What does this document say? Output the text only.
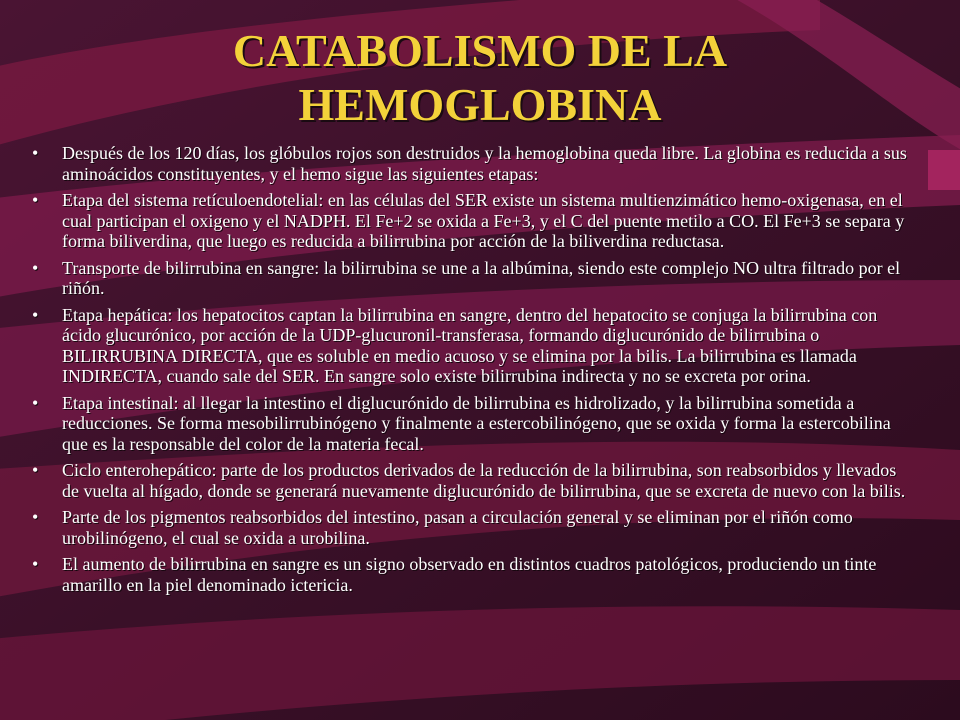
CATABOLISMO DE LA
HEMOGLOBINA
• Después de los 120 días, los glóbulos rojos son destruidos y la hemoglobina queda libre. La globina es reducida a sus aminoácidos constituyentes, y el hemo sigue las siguientes etapas:
• Etapa del sistema retículoendotelial: en las células del SER existe un sistema multienzimático hemo-oxigenasa, en el cual participan el oxigeno y el NADPH. El Fe+2 se oxida a Fe+3, y el C del puente metilo a CO. El Fe+3 se separa y forma biliverdina, que luego es reducida a bilirrubina por acción de la biliverdina reductasa.
• Transporte de bilirrubina en sangre: la bilirrubina se une a la albúmina, siendo este complejo NO ultra filtrado por el riñón.
• Etapa hepática: los hepatocitos captan la bilirrubina en sangre, dentro del hepatocito se conjuga la bilirrubina con ácido glucurónico, por acción de la UDP-glucuronil-transferasa, formando diglucurónido de bilirrubina o BILIRRUBINA DIRECTA, que es soluble en medio acuoso y se elimina por la bilis. La bilirrubina es llamada INDIRECTA, cuando sale del SER. En sangre solo existe bilirrubina indirecta y no se excreta por orina.
• Etapa intestinal: al llegar la intestino el diglucurónido de bilirrubina es hidrolizado, y la bilirrubina sometida a reducciones. Se forma mesobilirrubinógeno y finalmente a estercobilinógeno, que se oxida y forma la estercobilina que es la responsable del color de la materia fecal.
• Ciclo enterohepático: parte de los productos derivados de la reducción de la bilirrubina, son reabsorbidos y llevados de vuelta al hígado, donde se generará nuevamente diglucurónido de bilirrubina, que se excreta de nuevo con la bilis.
• Parte de los pigmentos reabsorbidos del intestino, pasan a circulación general y se eliminan por el riñón como urobilinógeno, el cual se oxida a urobilina.
• El aumento de bilirrubina en sangre es un signo observado en distintos cuadros patológicos, produciendo un tinte amarillo en la piel denominado ictericia.
